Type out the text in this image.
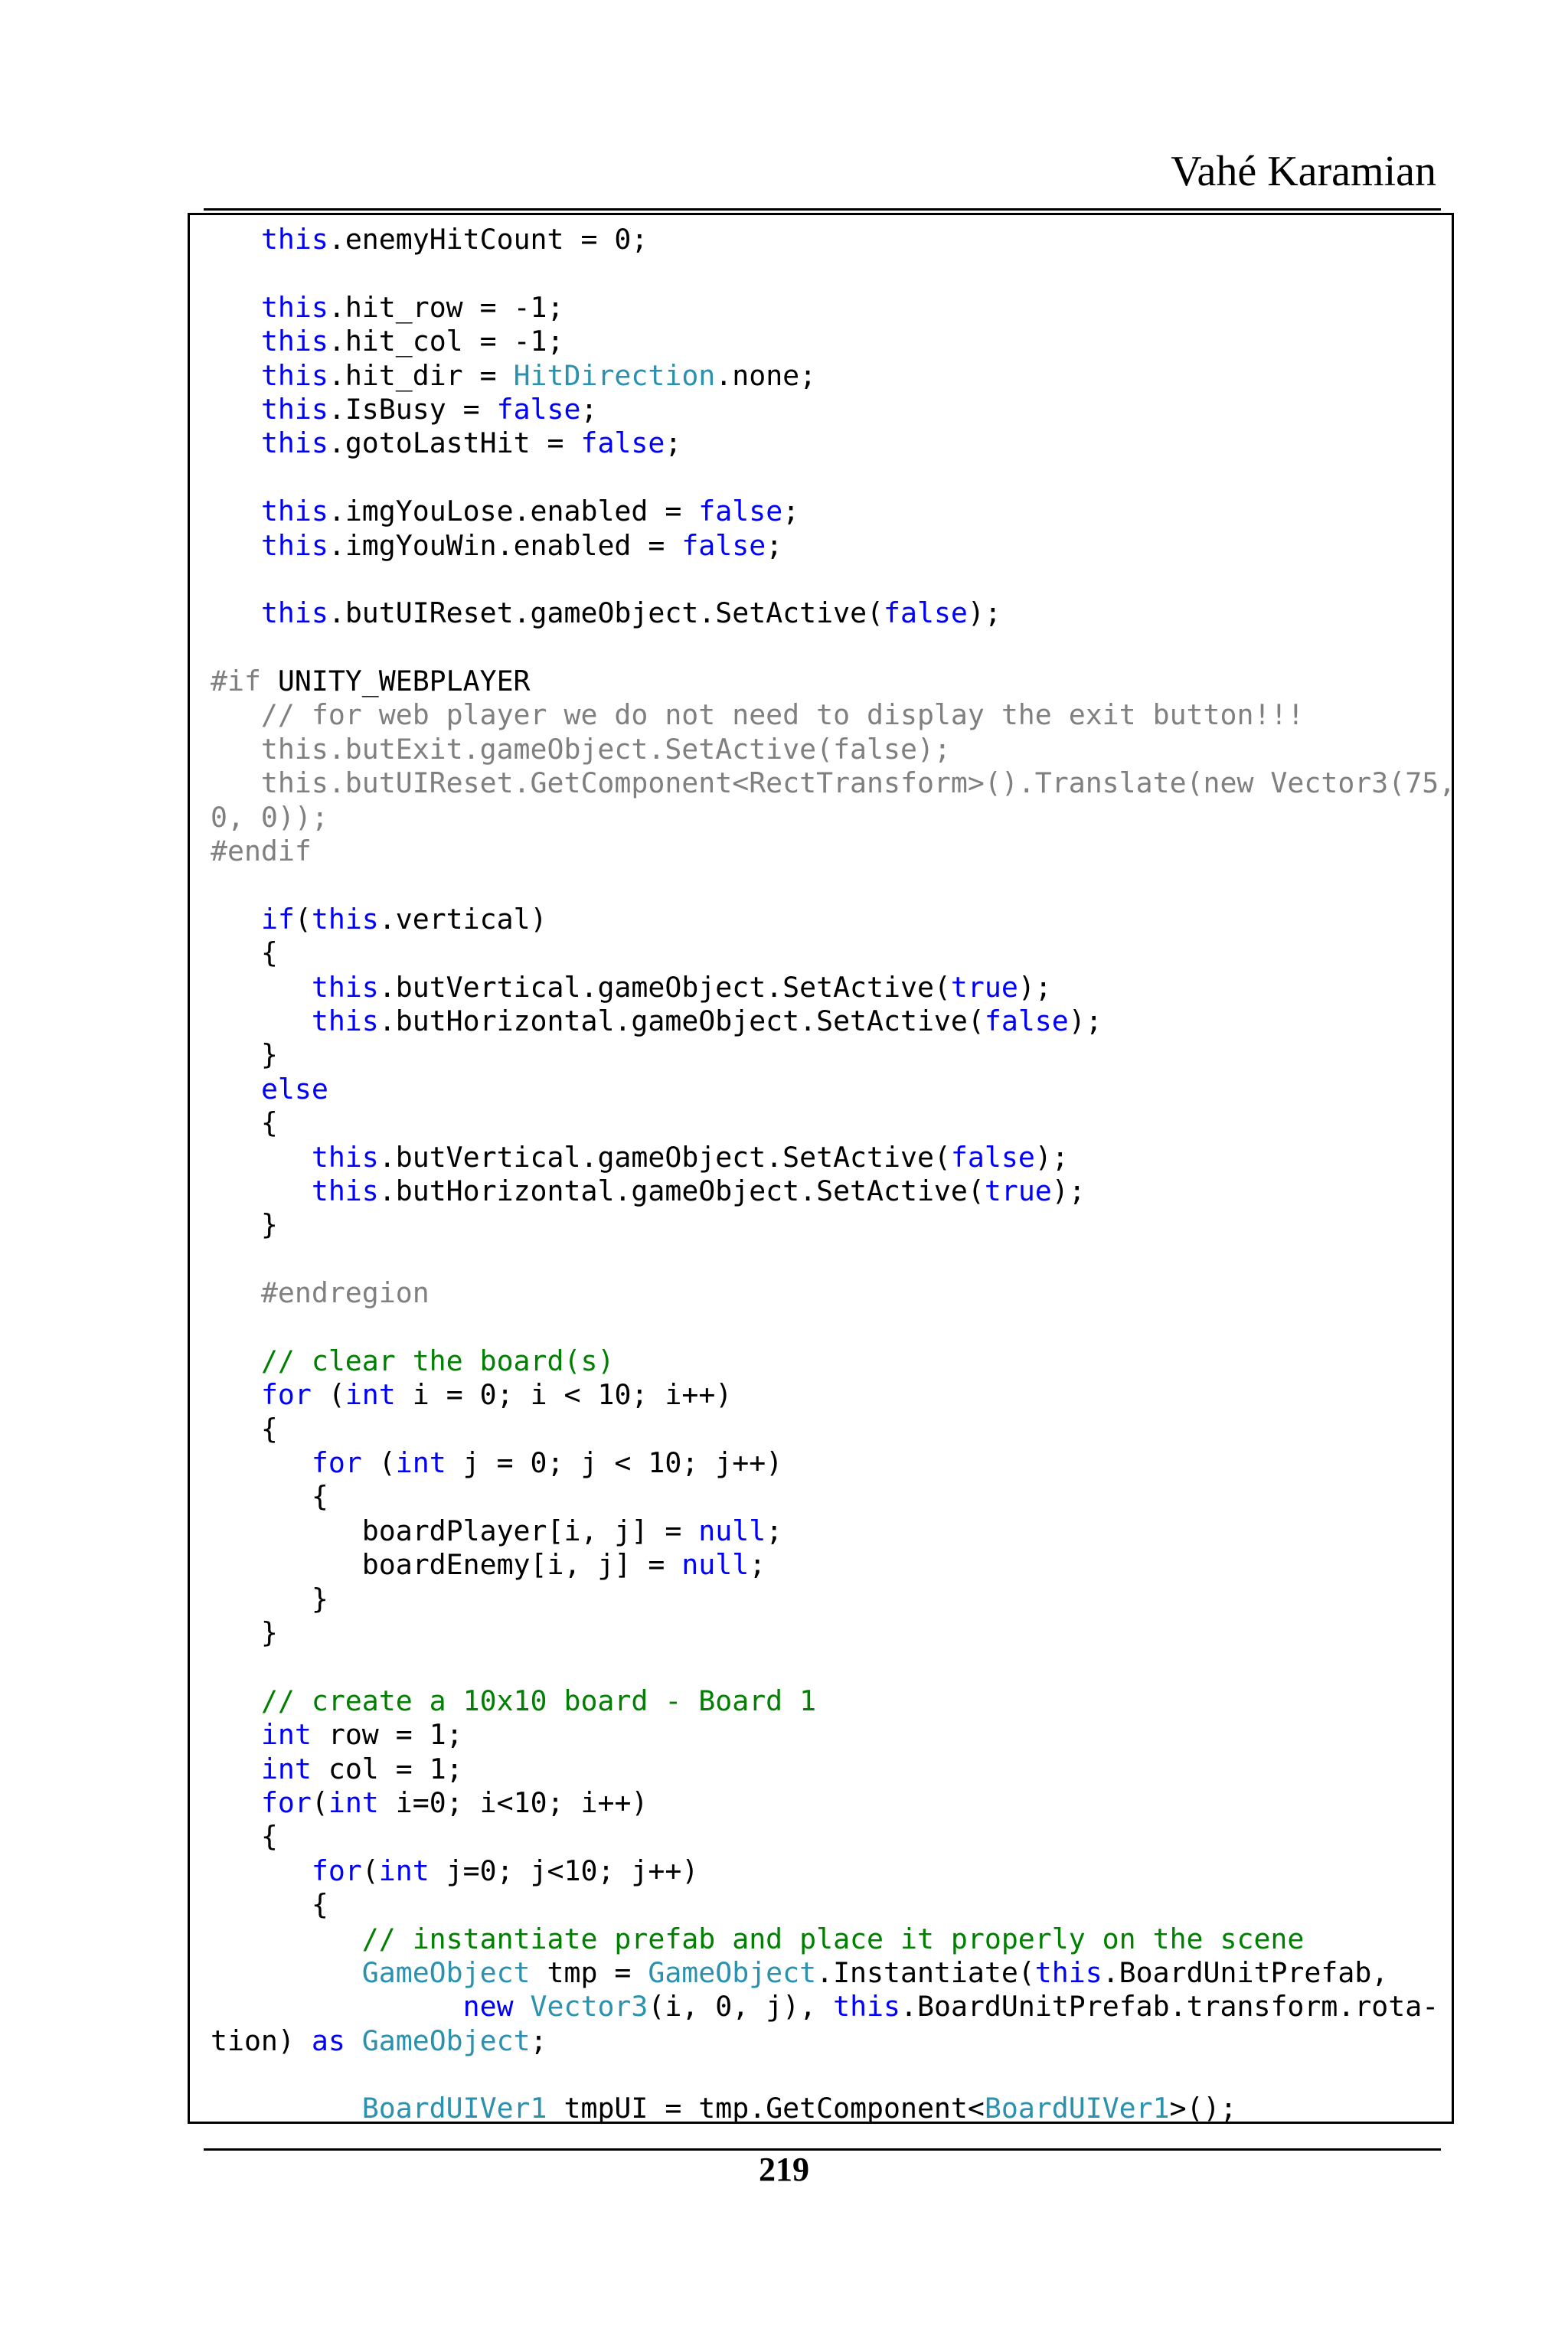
Vahé Karamian
this.enemyHitCount = 0;

this.hit_row = -1;
this.hit_col = -1;
this.hit_dir = HitDirection.none;
this.IsBusy = false;
this.gotoLastHit = false;

this.imgYouLose.enabled = false;
this.imgYouWin.enabled = false;

this.butUIReset.gameObject.SetActive(false);

#if UNITY_WEBPLAYER
// for web player we do not need to display the exit button!!!
this.butExit.gameObject.SetActive(false);
this.butUIReset.GetComponent<RectTransform>().Translate(new Vector3(75,
0, 0));
#endif

if(this.vertical)
{
this.butVertical.gameObject.SetActive(true);
this.butHorizontal.gameObject.SetActive(false);
}
else
{
this.butVertical.gameObject.SetActive(false);
this.butHorizontal.gameObject.SetActive(true);
}

#endregion

// clear the board(s)
for (int i = 0; i < 10; i++)
{
for (int j = 0; j < 10; j++)
{
boardPlayer[i, j] = null;
boardEnemy[i, j] = null;
}
}

// create a 10x10 board - Board 1
int row = 1;
int col = 1;
for(int i=0; i<10; i++)
{
for(int j=0; j<10; j++)
{
// instantiate prefab and place it properly on the scene
GameObject tmp = GameObject.Instantiate(this.BoardUnitPrefab,
new Vector3(i, 0, j), this.BoardUnitPrefab.transform.rota-
tion) as GameObject;

BoardUIVer1 tmpUI = tmp.GetComponent<BoardUIVer1>();
219
